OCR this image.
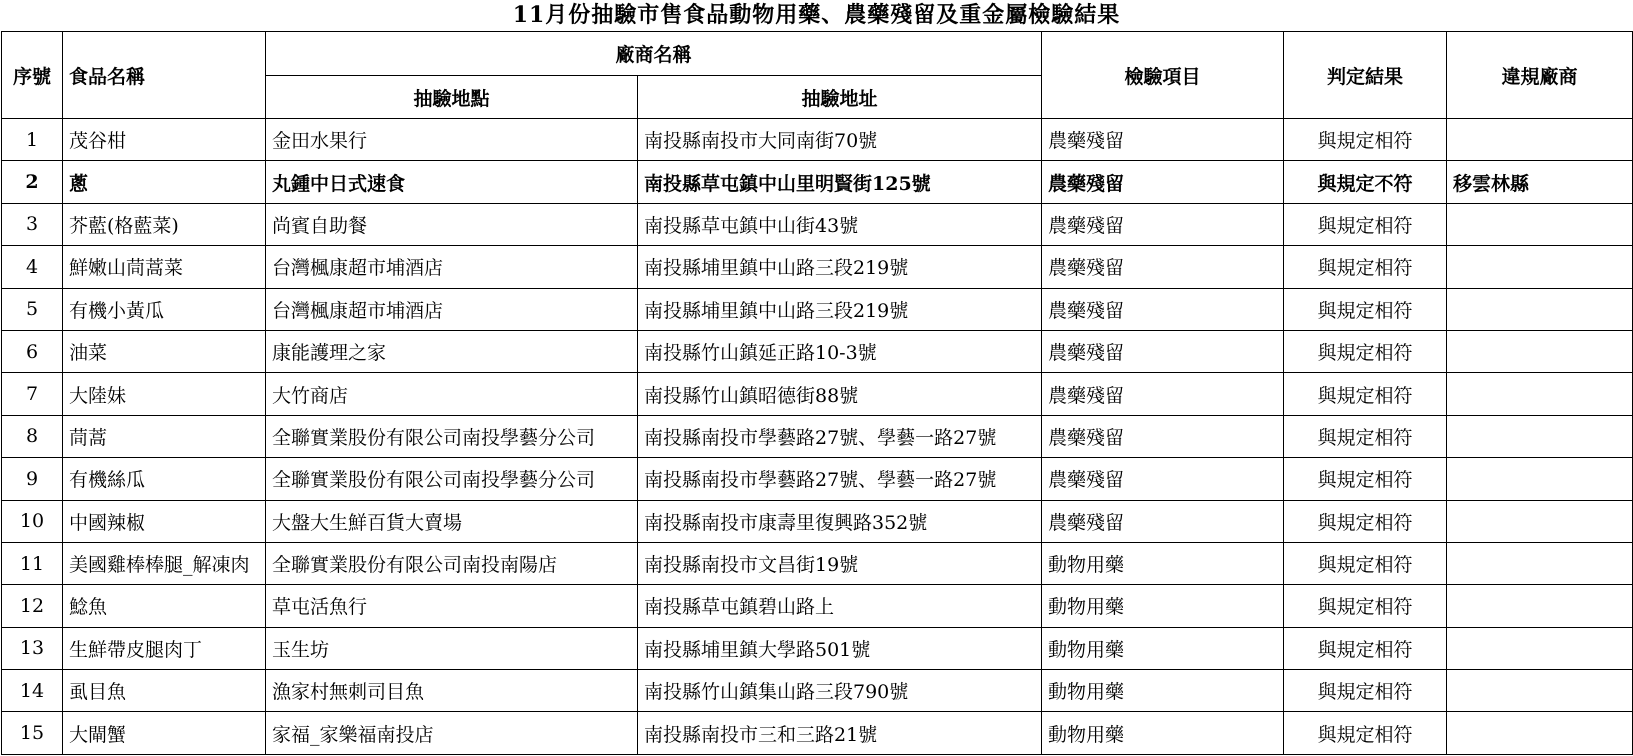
11月份抽驗市售食品動物用藥、農藥殘留及重金屬檢驗結果
序號	食品名稱	廠商名稱		檢驗項目	判定結果	違規廠商
		抽驗地點	抽驗地址			
1	茂谷柑	金田水果行	南投縣南投市大同南街70號	農藥殘留	與規定相符	
2	蔥	丸鍾中日式速食	南投縣草屯鎮中山里明賢街125號	農藥殘留	與規定不符	移雲林縣
3	芥藍(格藍菜)	尚賓自助餐	南投縣草屯鎮中山街43號	農藥殘留	與規定相符	
4	鮮嫩山茼蒿菜	台灣楓康超市埔酒店	南投縣埔里鎮中山路三段219號	農藥殘留	與規定相符	
5	有機小黃瓜	台灣楓康超市埔酒店	南投縣埔里鎮中山路三段219號	農藥殘留	與規定相符	
6	油菜	康能護理之家	南投縣竹山鎮延正路10-3號	農藥殘留	與規定相符	
7	大陸妹	大竹商店	南投縣竹山鎮昭德街88號	農藥殘留	與規定相符	
8	茼蒿	全聯實業股份有限公司南投學藝分公司	南投縣南投市學藝路27號、學藝一路27號	農藥殘留	與規定相符	
9	有機絲瓜	全聯實業股份有限公司南投學藝分公司	南投縣南投市學藝路27號、學藝一路27號	農藥殘留	與規定相符	
10	中國辣椒	大盤大生鮮百貨大賣場	南投縣南投市康壽里復興路352號	農藥殘留	與規定相符	
11	美國雞棒棒腿_解凍肉	全聯實業股份有限公司南投南陽店	南投縣南投市文昌街19號	動物用藥	與規定相符	
12	鯰魚	草屯活魚行	南投縣草屯鎮碧山路上	動物用藥	與規定相符	
13	生鮮帶皮腿肉丁	玉生坊	南投縣埔里鎮大學路501號	動物用藥	與規定相符	
14	虱目魚	漁家村無刺司目魚	南投縣竹山鎮集山路三段790號	動物用藥	與規定相符	
15	大閘蟹	家福_家樂福南投店	南投縣南投市三和三路21號	動物用藥	與規定相符	
